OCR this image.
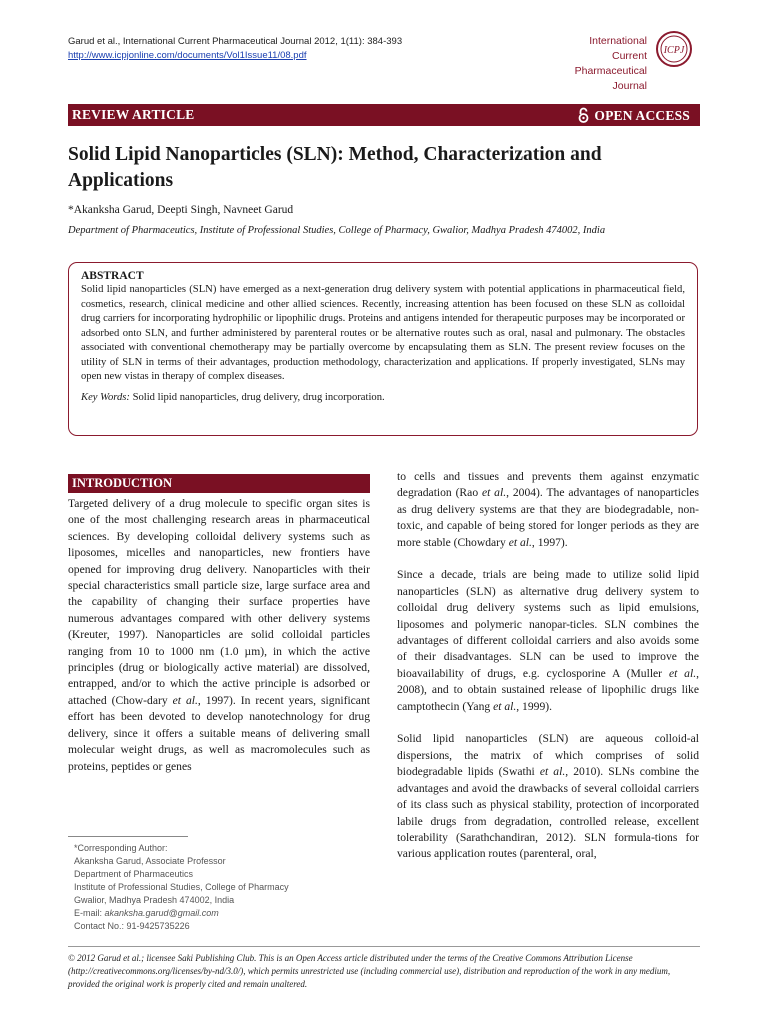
Garud et al., International Current Pharmaceutical Journal 2012, 1(11): 384-393
http://www.icpjonline.com/documents/Vol1Issue11/08.pdf
International Current
Pharmaceutical Journal
ICPJ
REVIEW ARTICLE	OPEN ACCESS
Solid Lipid Nanoparticles (SLN): Method, Characterization and Applications
*Akanksha Garud, Deepti Singh, Navneet Garud
Department of Pharmaceutics, Institute of Professional Studies, College of Pharmacy, Gwalior, Madhya Pradesh 474002, India
ABSTRACT
Solid lipid nanoparticles (SLN) have emerged as a next-generation drug delivery system with potential applications in pharmaceutical field, cosmetics, research, clinical medicine and other allied sciences. Recently, increasing attention has been focused on these SLN as colloidal drug carriers for incorporating hydrophilic or lipophilic drugs. Proteins and antigens intended for therapeutic purposes may be incorporated or adsorbed onto SLN, and further administered by parenteral routes or be alternative routes such as oral, nasal and pulmonary. The obstacles associated with conventional chemotherapy may be partially overcome by encapsulating them as SLN. The present review focuses on the utility of SLN in terms of their advantages, production methodology, characterization and applications. If properly investigated, SLNs may open new vistas in therapy of complex diseases.
Key Words: Solid lipid nanoparticles, drug delivery, drug incorporation.
INTRODUCTION

Targeted delivery of a drug molecule to specific organ sites is one of the most challenging research areas in pharmaceutical sciences. By developing colloidal delivery systems such as liposomes, micelles and nanoparticles, new frontiers have opened for improving drug delivery. Nanoparticles with their special characteristics small particle size, large surface area and the capability of changing their surface properties have numerous advantages compared with other delivery systems (Kreuter, 1997). Nanoparticles are solid colloidal particles ranging from 10 to 1000 nm (1.0 µm), in which the active principles (drug or biologically active material) are dissolved, entrapped, and/or to which the active principle is adsorbed or attached (Chow-dary et al., 1997). In recent years, significant effort has been devoted to develop nanotechnology for drug delivery, since it offers a suitable means of delivering small molecular weight drugs, as well as macromolecules such as proteins, peptides or genes

to cells and tissues and prevents them against enzymatic degradation (Rao et al., 2004). The advantages of nanoparticles as drug delivery systems are that they are biodegradable, non-toxic, and capable of being stored for longer periods as they are more stable (Chowdary et al., 1997).

Since a decade, trials are being made to utilize solid lipid nanoparticles (SLN) as alternative drug delivery system to colloidal drug delivery systems such as lipid emulsions, liposomes and polymeric nanopar-ticles. SLN combines the advantages of different colloidal carriers and also avoids some of their disadvantages. SLN can be used to improve the bioavailability of drugs, e.g. cyclosporine A (Muller et al., 2008), and to obtain sustained release of lipophilic drugs like camptothecin (Yang et al., 1999).

Solid lipid nanoparticles (SLN) are aqueous colloid-al dispersions, the matrix of which comprises of solid biodegradable lipids (Swathi et al., 2010). SLNs combine the advantages and avoid the drawbacks of several colloidal carriers of its class such as physical stability, protection of incorporated labile drugs from degradation, controlled release, excellent tolerability (Sarathchandiran, 2012). SLN formula-tions for various application routes (parenteral, oral,

*Corresponding Author:
Akanksha Garud, Associate Professor
Department of Pharmaceutics
Institute of Professional Studies, College of Pharmacy
Gwalior, Madhya Pradesh 474002, India
E-mail: akanksha.garud@gmail.com
Contact No.: 91-9425735226
© 2012 Garud et al.; licensee Saki Publishing Club. This is an Open Access article distributed under the terms of the Creative Commons Attribution License (http://creativecommons.org/licenses/by-nd/3.0/), which permits unrestricted use (including commercial use), distribution and reproduction of the work in any medium, provided the original work is properly cited and remain unaltered.
